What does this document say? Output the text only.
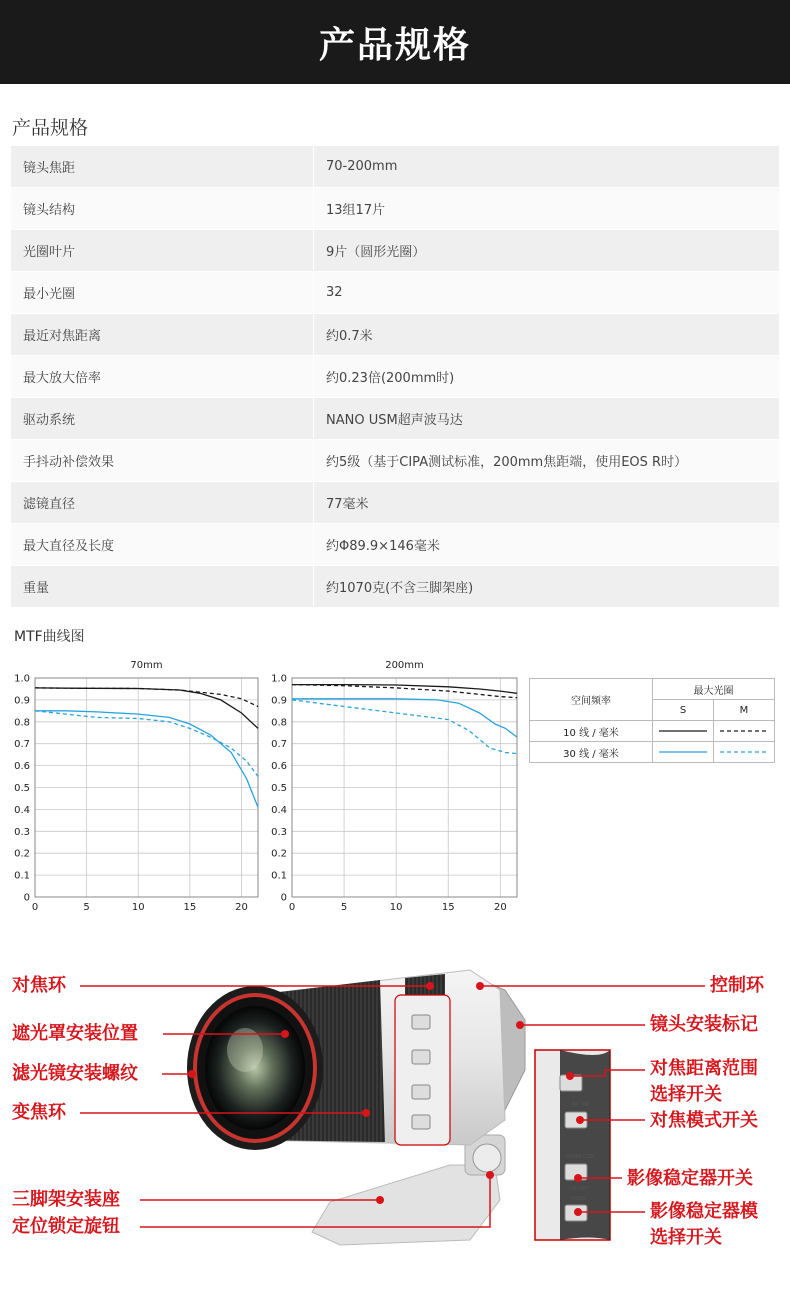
产品规格
产品规格
镜头焦距	70-200mm
镜头结构	13组17片
光圈叶片	9片（圆形光圈）
最小光圈	32
最近对焦距离	约0.7米
最大放大倍率	约0.23倍(200mm时)
驱动系统	NANO USM超声波马达
手抖动补偿效果	约5级（基于CIPA测试标准，200mm焦距端，使用EOS R时）
滤镜直径	77毫米
最大直径及长度	约Φ89.9×146毫米
重量	约1070克(不含三脚架座)
MTF曲线图
70mm
0
0.1
0.2
0.3
0.4
0.5
0.6
0.7
0.8
0.9
1.0
0	5	10	15	20
200mm
0
0.1
0.2
0.3
0.4
0.5
0.6
0.7
0.8
0.9
1.0
0	5	10	15	20
空间频率	最大光圈	
	S	M
10 线 / 毫米		
30 线 / 毫米		
AF MF
STABILIZER
ON OFF
MODE
对焦环
遮光罩安装位置
滤光镜安装螺纹
变焦环
三脚架安装座
定位锁定旋钮
控制环
镜头安装标记
对焦距离范围
选择开关
对焦模式开关
影像稳定器开关
影像稳定器模
选择开关
